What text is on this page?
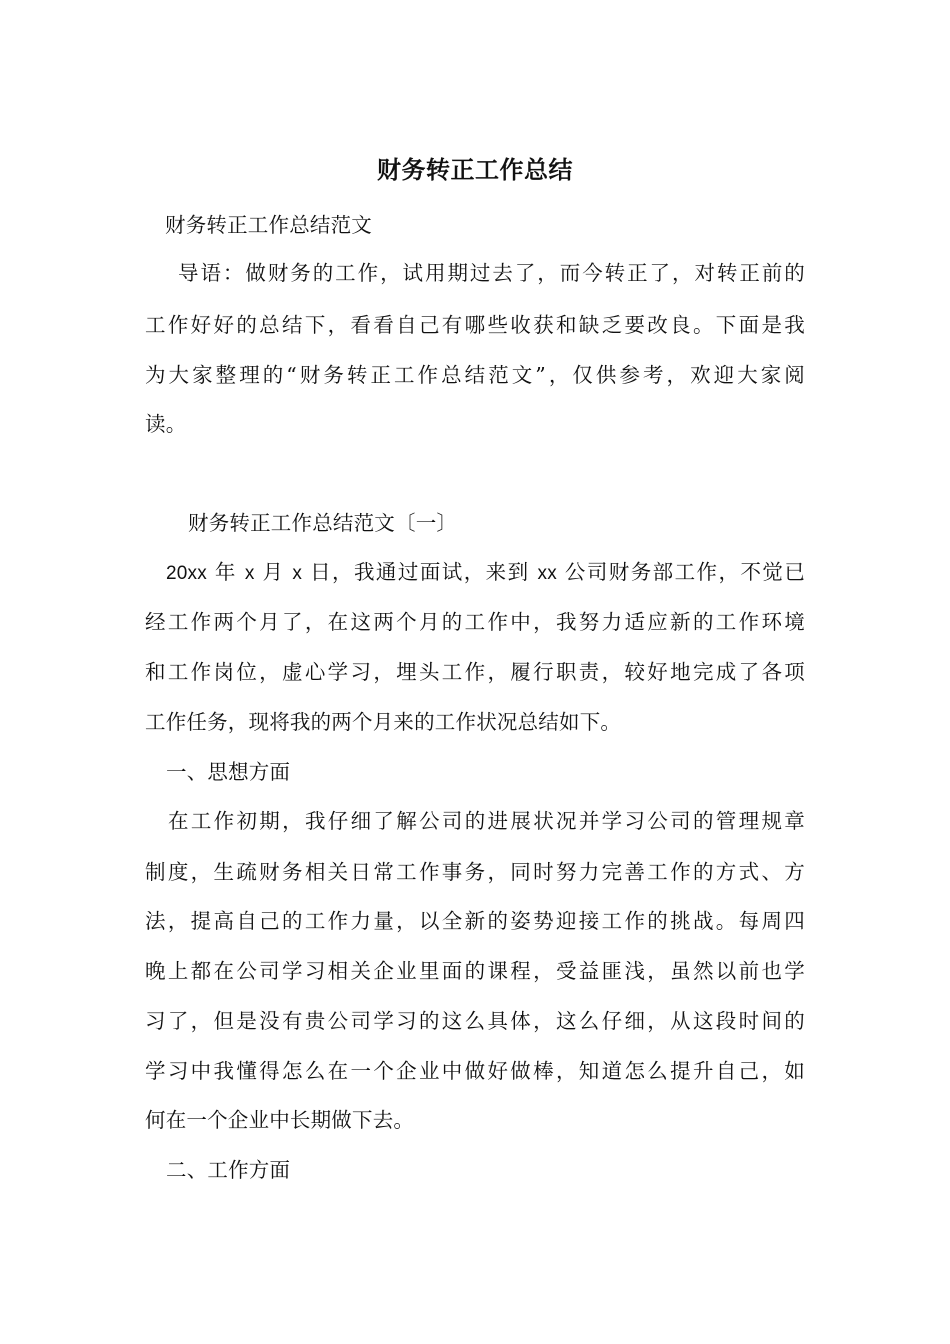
财务转正工作总结
财务转正工作总结范文
导语：做财务的工作，试用期过去了，而今转正了，对转正前的
工作好好的总结下，看看自己有哪些收获和缺乏要改良。下面是我
为大家整理的“财务转正工作总结范文”，仅供参考，欢迎大家阅
读。
财务转正工作总结范文〔一〕
20xx 年 x 月 x 日，我通过面试，来到 xx 公司财务部工作，不觉已
经工作两个月了，在这两个月的工作中，我努力适应新的工作环境
和工作岗位，虚心学习，埋头工作，履行职责，较好地完成了各项
工作任务，现将我的两个月来的工作状况总结如下。
一、思想方面
在工作初期，我仔细了解公司的进展状况并学习公司的管理规章
制度，生疏财务相关日常工作事务，同时努力完善工作的方式、方
法，提高自己的工作力量，以全新的姿势迎接工作的挑战。每周四
晚上都在公司学习相关企业里面的课程，受益匪浅，虽然以前也学
习了，但是没有贵公司学习的这么具体，这么仔细，从这段时间的
学习中我懂得怎么在一个企业中做好做棒，知道怎么提升自己，如
何在一个企业中长期做下去。
二、工作方面
